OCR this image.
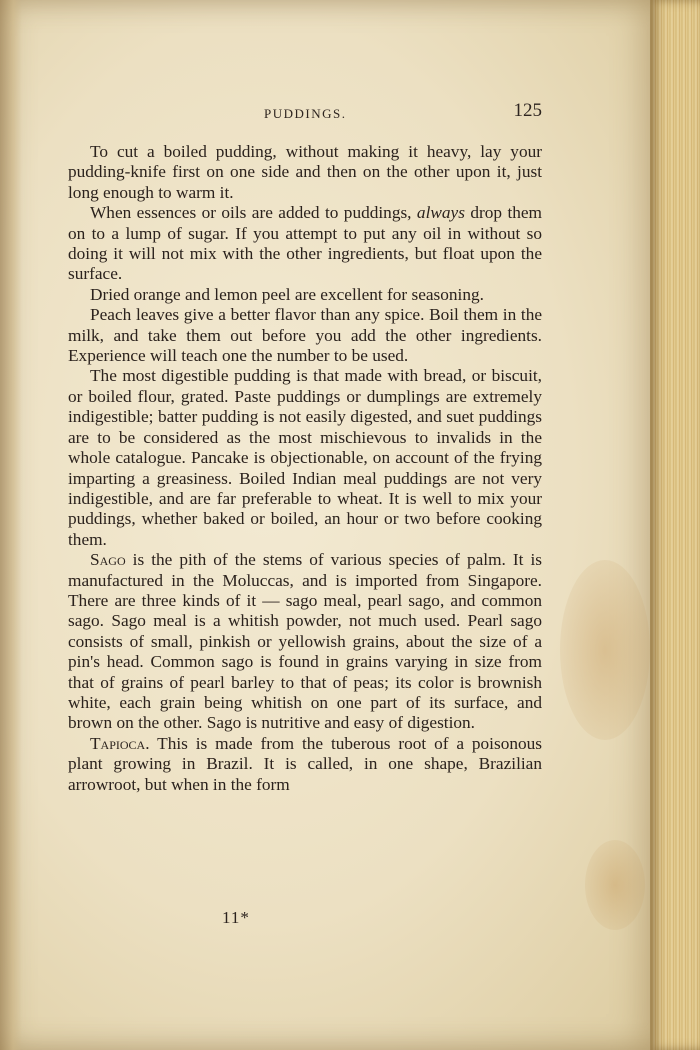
PUDDINGS.	125

To cut a boiled pudding, without making it heavy, lay your pudding-knife first on one side and then on the other upon it, just long enough to warm it.

When essences or oils are added to puddings, always drop them on to a lump of sugar. If you attempt to put any oil in without so doing it will not mix with the other ingredients, but float upon the surface.

Dried orange and lemon peel are excellent for seasoning.

Peach leaves give a better flavor than any spice. Boil them in the milk, and take them out before you add the other ingredients. Experience will teach one the number to be used.

The most digestible pudding is that made with bread, or biscuit, or boiled flour, grated. Paste puddings or dumplings are extremely indigestible; batter pudding is not easily digested, and suet puddings are to be considered as the most mischievous to invalids in the whole catalogue. Pancake is objectionable, on account of the frying imparting a greasiness. Boiled Indian meal puddings are not very indigestible, and are far preferable to wheat. It is well to mix your puddings, whether baked or boiled, an hour or two before cooking them.

Sago is the pith of the stems of various species of palm. It is manufactured in the Moluccas, and is imported from Singapore. There are three kinds of it — sago meal, pearl sago, and common sago. Sago meal is a whitish powder, not much used. Pearl sago consists of small, pinkish or yellowish grains, about the size of a pin's head. Common sago is found in grains varying in size from that of grains of pearl barley to that of peas; its color is brownish white, each grain being whitish on one part of its surface, and brown on the other. Sago is nutritive and easy of digestion.

Tapioca. This is made from the tuberous root of a poisonous plant growing in Brazil. It is called, in one shape, Brazilian arrowroot, but when in the form

11*
